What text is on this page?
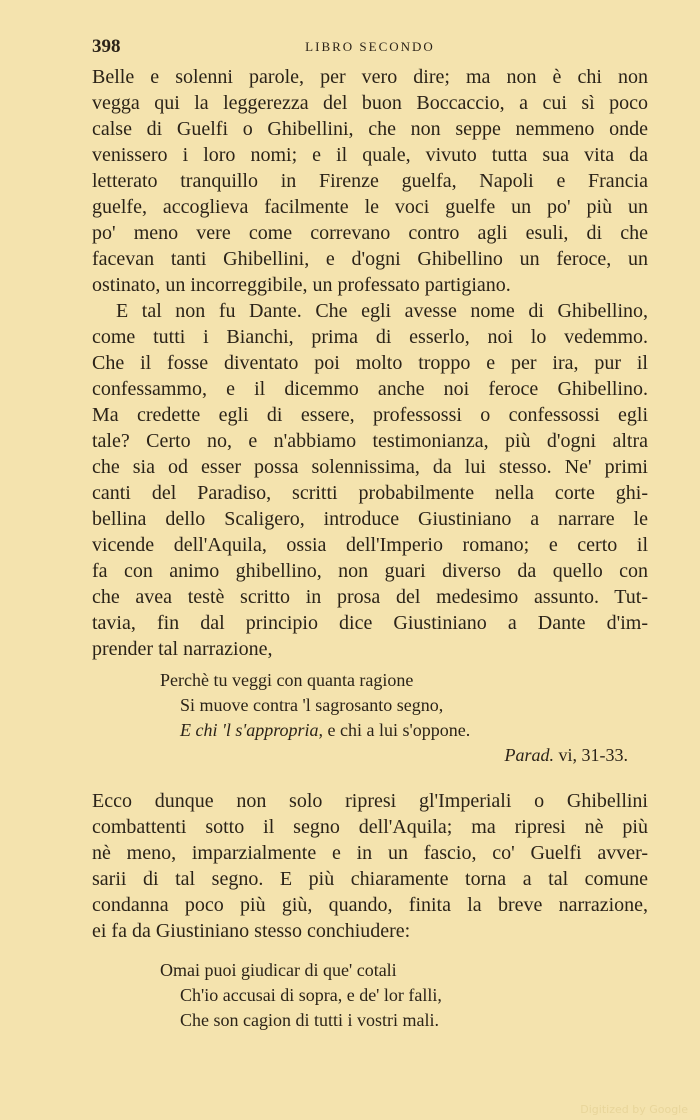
398	LIBRO SECONDO

Belle e solenni parole, per vero dire; ma non è chi non
vegga qui la leggerezza del buon Boccaccio, a cui sì poco
calse di Guelfi o Ghibellini, che non seppe nemmeno onde
venissero i loro nomi; e il quale, vivuto tutta sua vita da
letterato tranquillo in Firenze guelfa, Napoli e Francia
guelfe, accoglieva facilmente le voci guelfe un po' più un
po' meno vere come correvano contro agli esuli, di che
facevan tanti Ghibellini, e d'ogni Ghibellino un feroce, un
ostinato, un incorreggibile, un professato partigiano.

E tal non fu Dante. Che egli avesse nome di Ghibellino,
come tutti i Bianchi, prima di esserlo, noi lo vedemmo.
Che il fosse diventato poi molto troppo e per ira, pur il
confessammo, e il dicemmo anche noi feroce Ghibellino.
Ma credette egli di essere, professossi o confessossi egli
tale? Certo no, e n'abbiamo testimonianza, più d'ogni altra
che sia od esser possa solennissima, da lui stesso. Ne' primi
canti del Paradiso, scritti probabilmente nella corte ghi-
bellina dello Scaligero, introduce Giustiniano a narrare le
vicende dell'Aquila, ossia dell'Imperio romano; e certo il
fa con animo ghibellino, non guari diverso da quello con
che avea testè scritto in prosa del medesimo assunto. Tut-
tavia, fin dal principio dice Giustiniano a Dante d'im-
prender tal narrazione,

Perchè tu veggi con quanta ragione
Si muove contra 'l sagrosanto segno,
E chi 'l s'appropria, e chi a lui s'oppone.
Parad. vi, 31-33.

Ecco dunque non solo ripresi gl'Imperiali o Ghibellini
combattenti sotto il segno dell'Aquila; ma ripresi nè più
nè meno, imparzialmente e in un fascio, co' Guelfi avver-
sarii di tal segno. E più chiaramente torna a tal comune
condanna poco più giù, quando, finita la breve narrazione,
ei fa da Giustiniano stesso conchiudere:

Omai puoi giudicar di que' cotali
Ch'io accusai di sopra, e de' lor falli,
Che son cagion di tutti i vostri mali.
Digitized by Google
